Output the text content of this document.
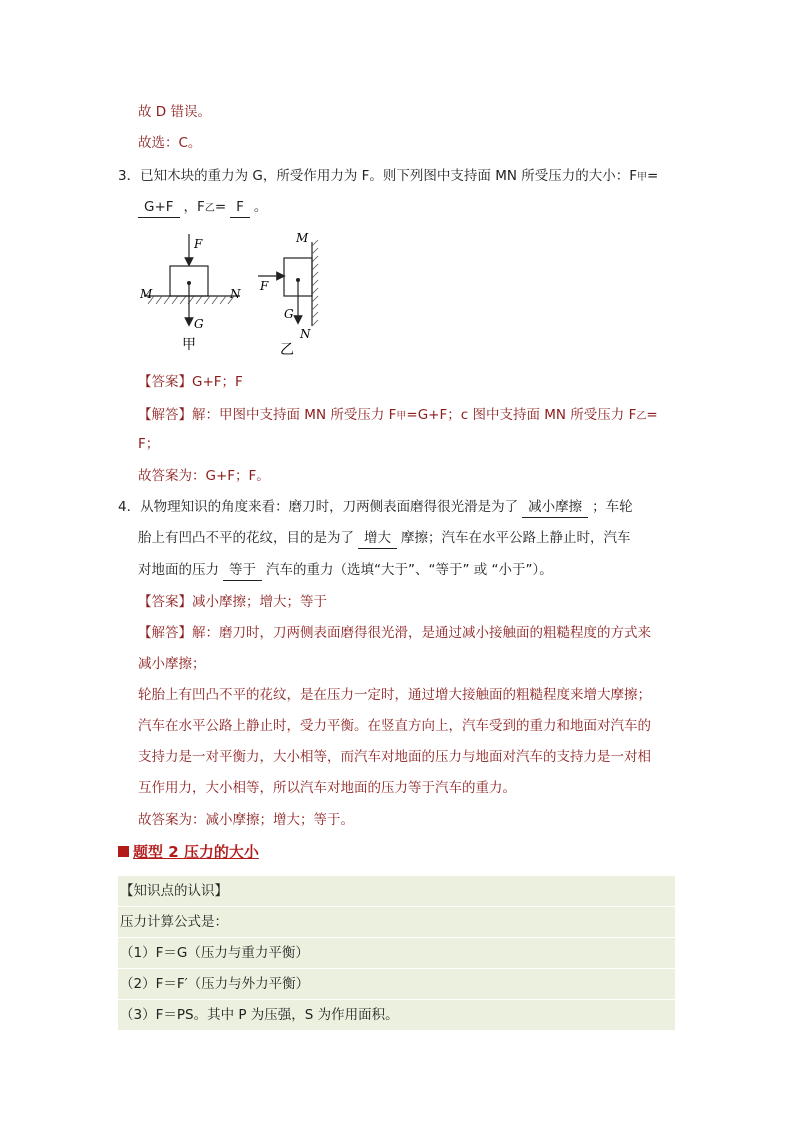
故 D 错误。
故选：C。
3．已知木块的重力为 G，所受作用力为 F。则下列图中支持面 MN 所受压力的大小：F甲=
G+F ，F乙= F 。
F
M	N
G
甲
M
F
G
N
乙
【答案】G+F；F
【解答】解：甲图中支持面 MN 所受压力 F甲=G+F；c 图中支持面 MN 所受压力 F乙=
F；
故答案为：G+F；F。
4．从物理知识的角度来看：磨刀时，刀两侧表面磨得很光滑是为了 减小摩擦 ；车轮
胎上有凹凸不平的花纹，目的是为了 增大 摩擦；汽车在水平公路上静止时，汽车
对地面的压力 等于 汽车的重力（选填“大于”、“等于” 或 “小于”）。
【答案】减小摩擦；增大；等于
【解答】解：磨刀时，刀两侧表面磨得很光滑，是通过减小接触面的粗糙程度的方式来
减小摩擦；
轮胎上有凹凸不平的花纹，是在压力一定时，通过增大接触面的粗糙程度来增大摩擦；
汽车在水平公路上静止时，受力平衡。在竖直方向上，汽车受到的重力和地面对汽车的
支持力是一对平衡力，大小相等，而汽车对地面的压力与地面对汽车的支持力是一对相
互作用力，大小相等，所以汽车对地面的压力等于汽车的重力。
故答案为：减小摩擦；增大；等于。
题型 2 压力的大小
【知识点的认识】
压力计算公式是：
（1）F＝G（压力与重力平衡）
（2）F＝F′（压力与外力平衡）
（3）F＝PS。其中 P 为压强，S 为作用面积。
